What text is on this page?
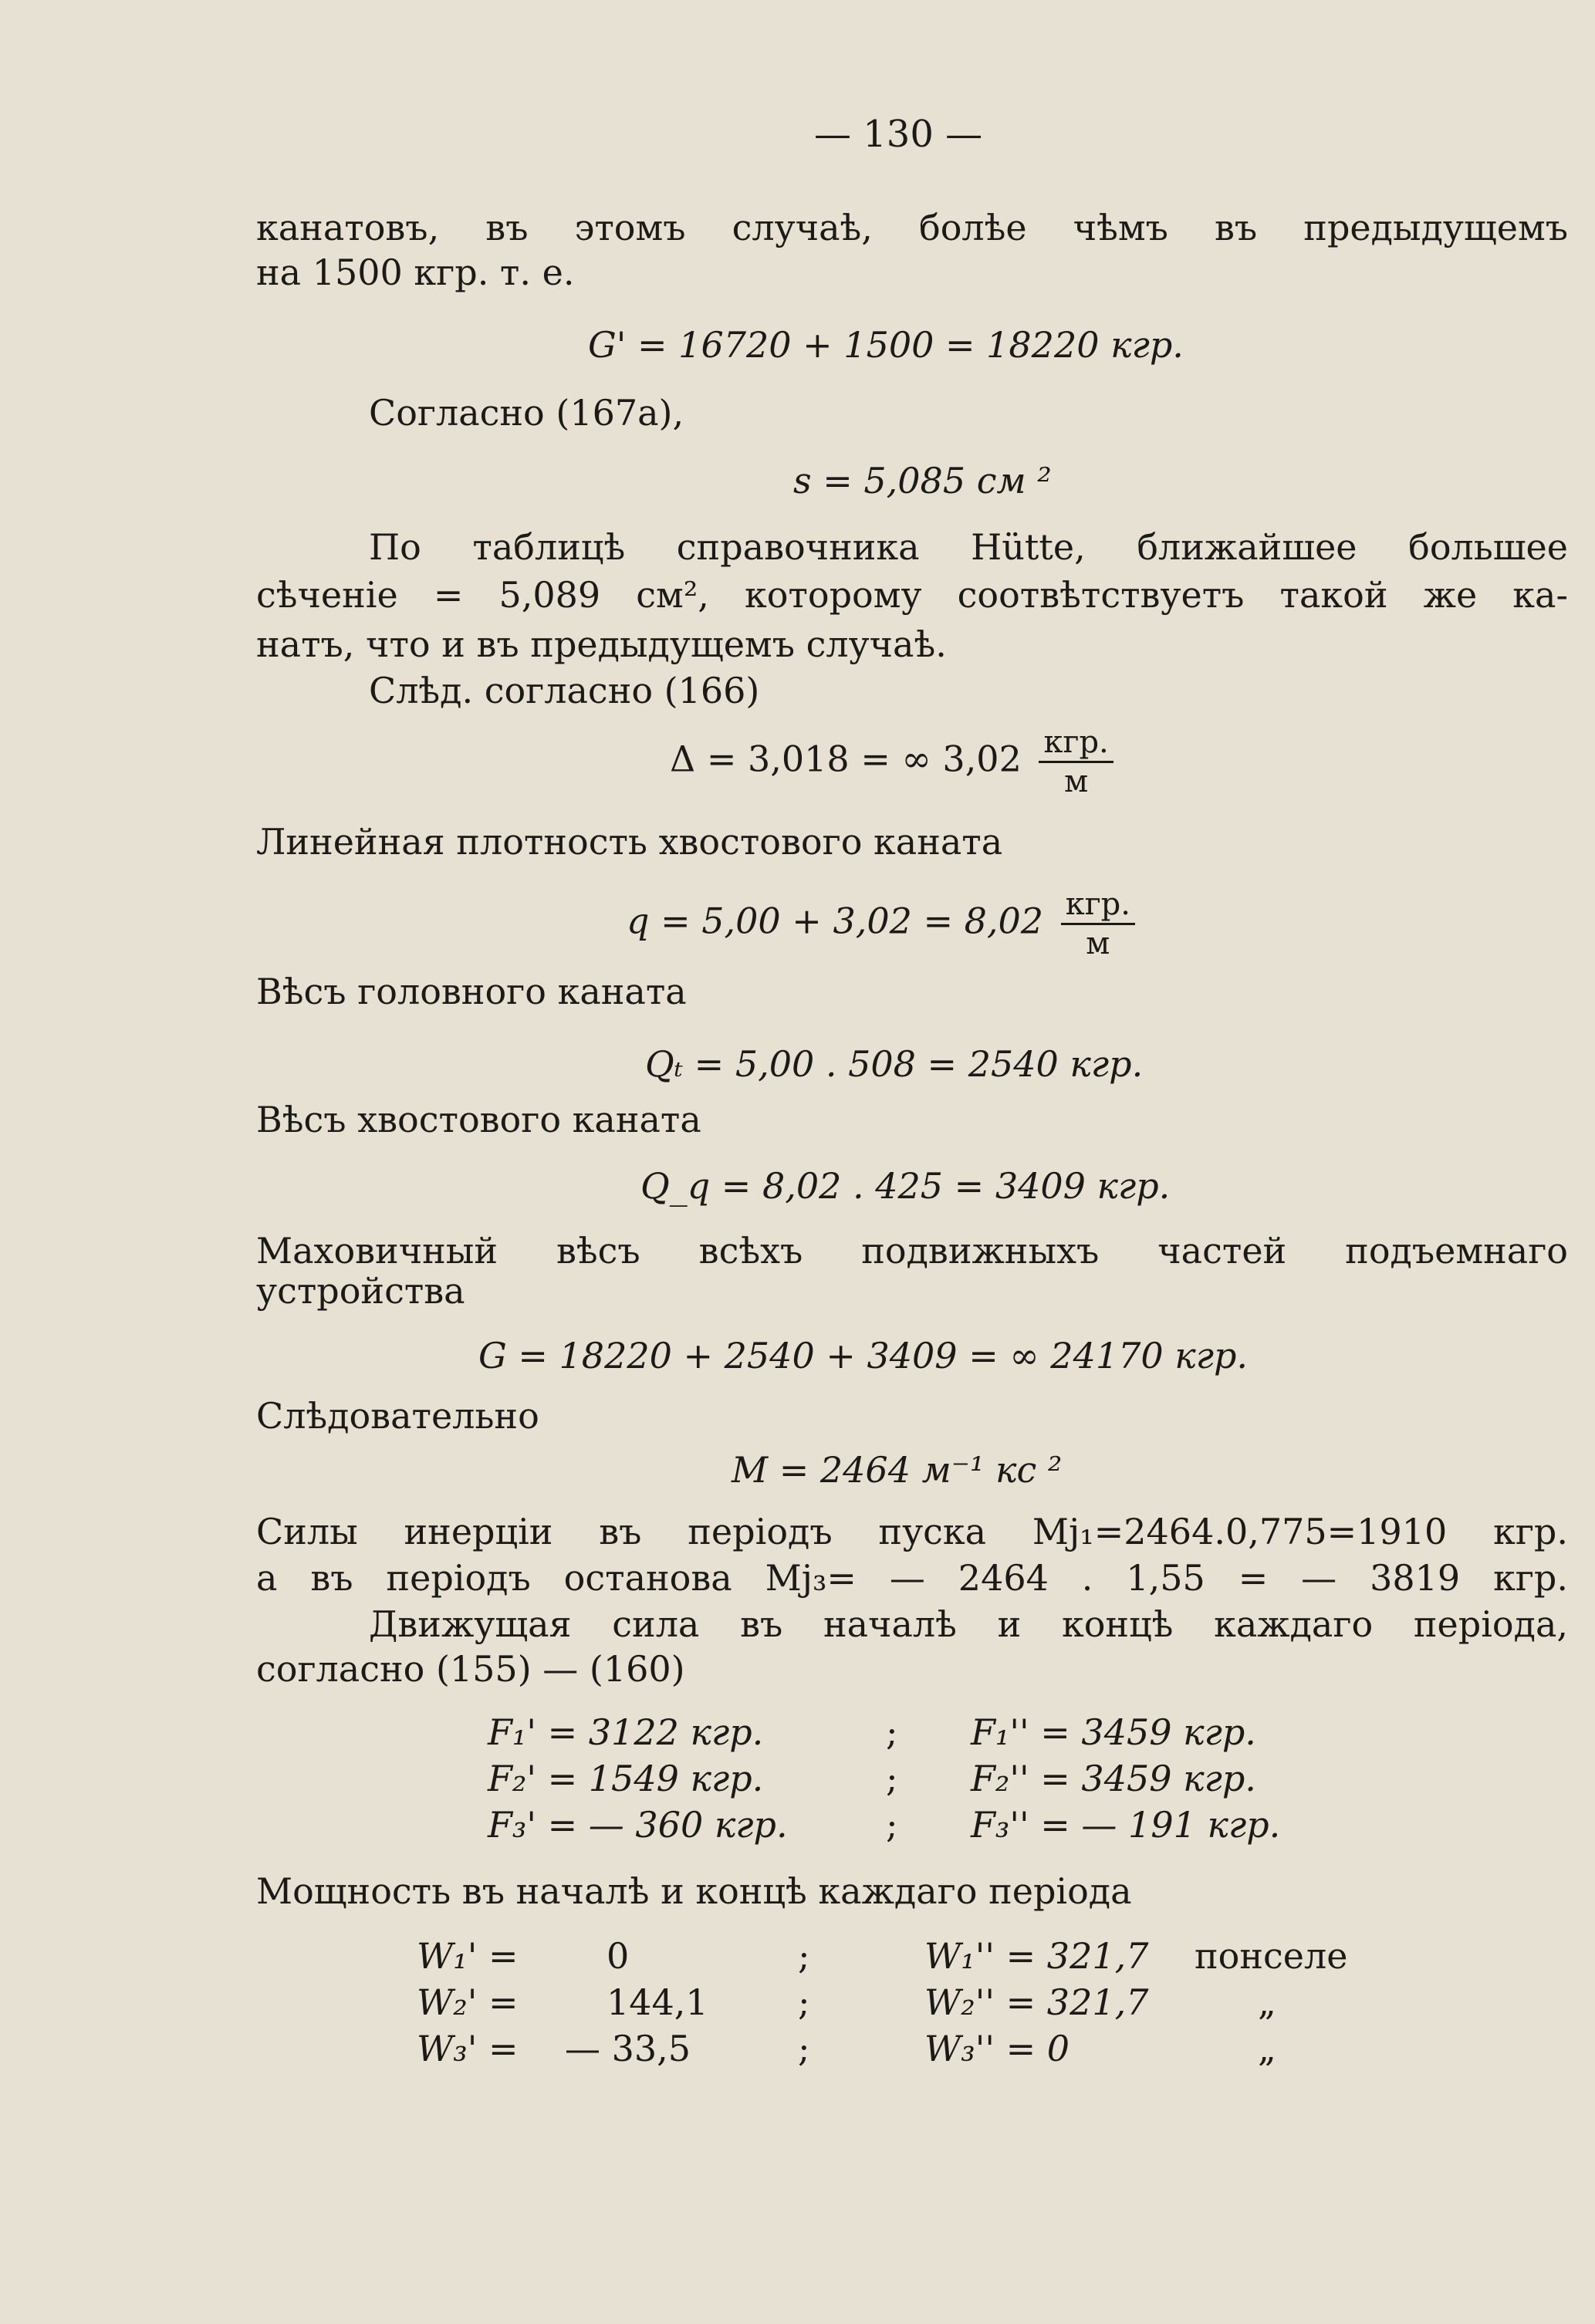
— 130 —
канатовъ, въ этомъ случаѣ, болѣе чѣмъ въ предыдущемъ
на 1500 кгр. т. е.
G' = 16720 + 1500 = 18220 кгр.
Согласно (167a),
s = 5,085 см ²
По таблицѣ справочника Hütte, ближайшее большее
сѣченіе = 5,089 см², которому соотвѣтствуетъ такой же ка-
натъ, что и въ предыдущемъ случаѣ.
Слѣд. согласно (166)
Δ = 3,018 = ∞ $3,02 \frac{\text{кгр.}}{м}$
Линейная плотность хвостового каната
$q = 5,00 + 3,02 = 8,02 \frac{\text{кгр.}}{м}$
Вѣсъ головного каната
Qₜ = 5,00 . 508 = 2540 кгр.
Вѣсъ хвостового каната
Q_q = 8,02 . 425 = 3409 кгр.
Маховичный вѣсъ всѣхъ подвижныхъ частей подъемнаго
устройства
G = 18220 + 2540 + 3409 = ∞ 24170 кгр.
Слѣдовательно
M = 2464 м⁻¹ кс ²
Силы инерціи въ періодъ пуска Mj₁=2464.0,775=1910 кгр.
а въ періодъ останова Mj₃= — 2464 . 1,55 = — 3819 кгр.
Движущая сила въ началѣ и концѣ каждаго періода,
согласно (155) — (160)
F₁' = 3122 кгр.	; F₁'' = 3459 кгр.
F₂' = 1549 кгр.	; F₂'' = 3459 кгр.
F₃' = — 360 кгр.	; F₃'' = — 191 кгр.
Мощность въ началѣ и концѣ каждаго періода
W₁' = 0	;	W₁'' = 321,7 понселе
W₂' = 144,1	;	W₂'' = 321,7	„
W₃' = — 33,5	;	W₃'' = 0	„
